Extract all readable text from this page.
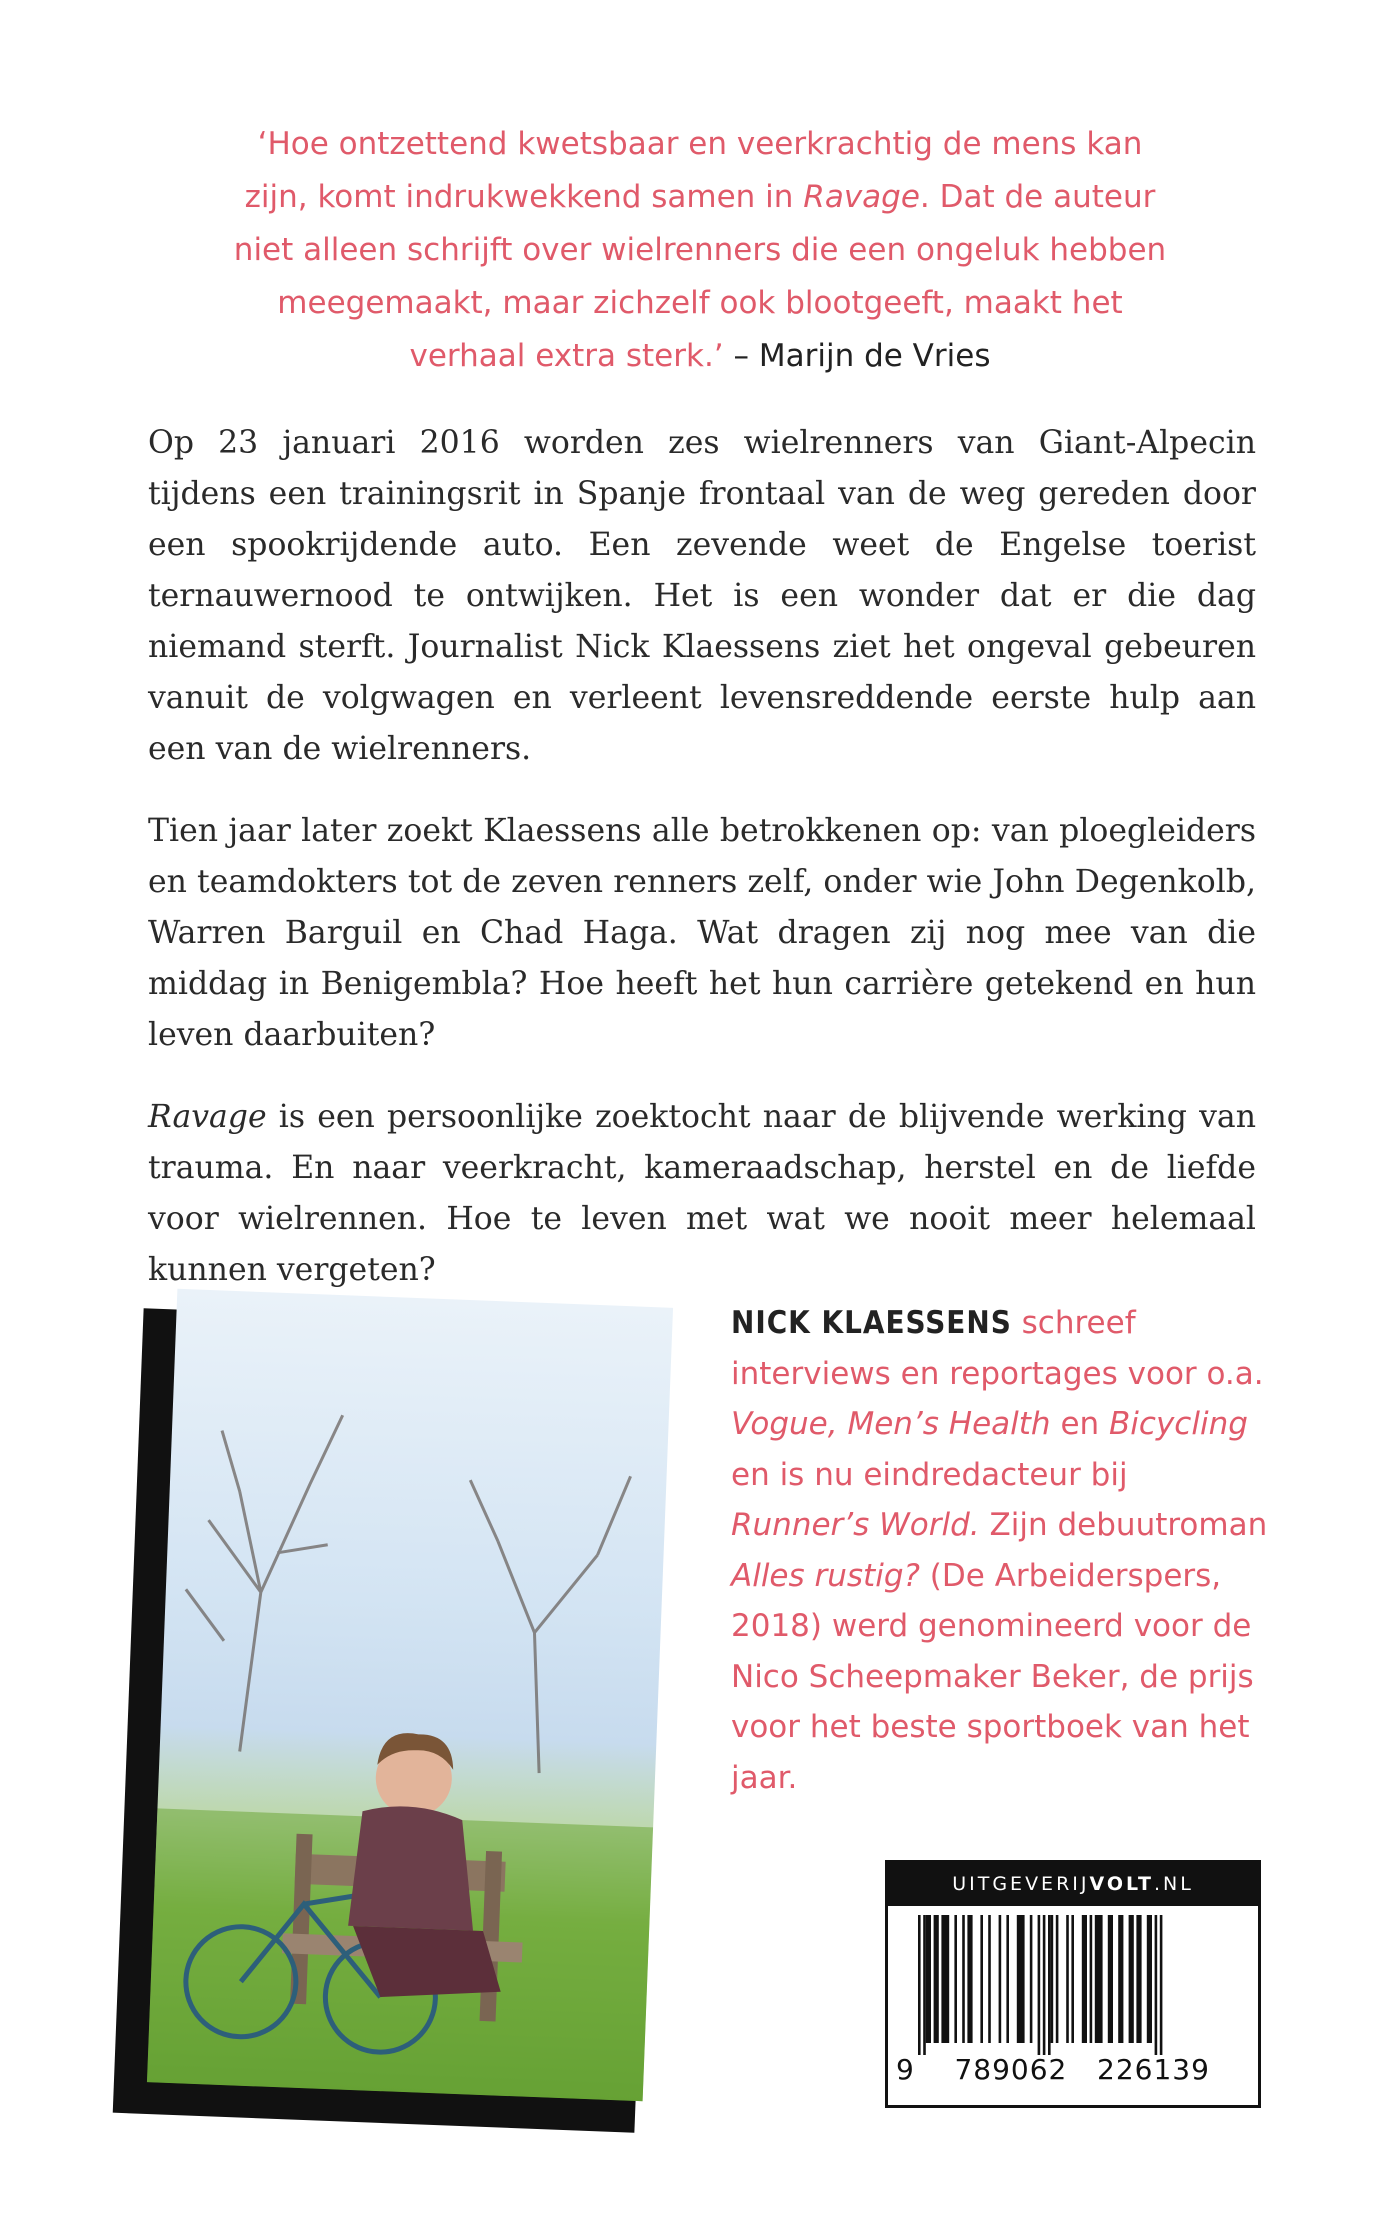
‘Hoe ontzettend kwetsbaar en veerkrachtig de mens kan
zijn, komt indrukwekkend samen in Ravage. Dat de auteur
niet alleen schrijft over wielrenners die een ongeluk hebben
meegemaakt, maar zichzelf ook blootgeeft, maakt het
verhaal extra sterk.’ – Marijn de Vries

Op 23 januari 2016 worden zes wielrenners van Giant-Alpecin tijdens een trainingsrit in Spanje frontaal van de weg gereden door een spookrijdende auto. Een zevende weet de Engelse toerist ternauwernood te ontwijken. Het is een wonder dat er die dag niemand sterft. Journalist Nick Klaessens ziet het ongeval gebeuren vanuit de volgwagen en verleent levensreddende eerste hulp aan een van de wielrenners.

Tien jaar later zoekt Klaessens alle betrokkenen op: van ploegleiders en teamdokters tot de zeven renners zelf, onder wie John Degenkolb, Warren Barguil en Chad Haga. Wat dragen zij nog mee van die middag in Benigembla? Hoe heeft het hun carrière getekend en hun leven daarbuiten?

Ravage is een persoonlijke zoektocht naar de blijvende werking van trauma. En naar veerkracht, kameraadschap, herstel en de liefde voor wielrennen. Hoe te leven met wat we nooit meer helemaal kunnen vergeten?

NICK KLAESSENS schreef interviews en reportages voor o.a. Vogue, Men’s Health en Bicycling en is nu eindredacteur bij Runner’s World. Zijn debuutroman Alles rustig? (De Arbeiderspers, 2018) werd genomineerd voor de Nico Scheepmaker Beker, de prijs voor het beste sportboek van het jaar.
UITGEVERIJVOLT.NL
9 789062 226139
